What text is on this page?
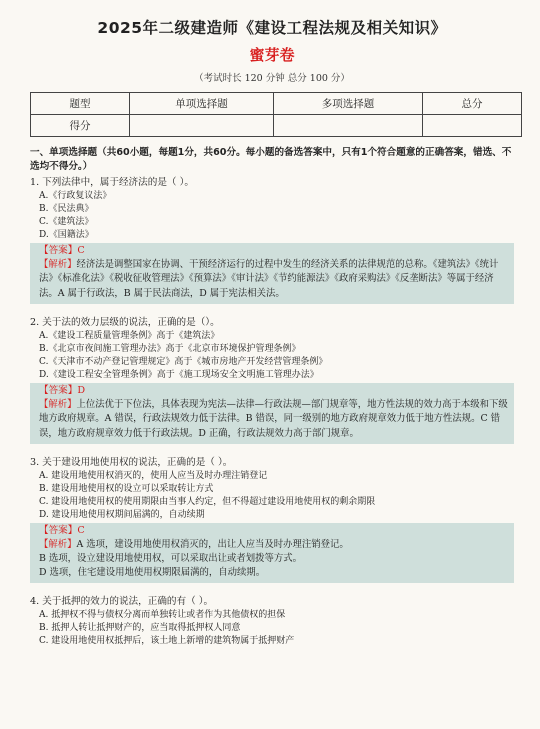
2025年二级建造师《建设工程法规及相关知识》
蜜芽卷
（考试时长 120 分钟 总分 100 分）
题型	单项选择题	多项选择题	总分
得分			
一、单项选择题（共60小题，每题1分，共60分。每小题的备选答案中，只有1个符合题意的正确答案，错选、不选均不得分。）
1. 下列法律中，属于经济法的是（ ）。
A.《行政复议法》
B.《民法典》
C.《建筑法》
D.《国籍法》
【答案】C
【解析】经济法是调整国家在协调、干预经济运行的过程中发生的经济关系的法律规范的总称。《建筑法》《统计法》《标准化法》《税收征收管理法》《预算法》《审计法》《节约能源法》《政府采购法》《反垄断法》等属于经济法。A 属于行政法，B 属于民法商法，D 属于宪法相关法。
2. 关于法的效力层级的说法，正确的是（）。
A.《建设工程质量管理条例》高于《建筑法》
B.《北京市夜间施工管理办法》高于《北京市环境保护管理条例》
C.《天津市不动产登记管理规定》高于《城市房地产开发经营管理条例》
D.《建设工程安全管理条例》高于《施工现场安全文明施工管理办法》
【答案】D
【解析】上位法优于下位法，具体表现为宪法—法律—行政法规—部门规章等，地方性法规的效力高于本级和下级地方政府规章。A 错误，行政法规效力低于法律。B 错误，同一级别的地方政府规章效力低于地方性法规。C 错误，地方政府规章效力低于行政法规。D 正确，行政法规效力高于部门规章。
3. 关于建设用地使用权的说法，正确的是（ ）。
A. 建设用地使用权消灭的，使用人应当及时办理注销登记
B. 建设用地使用权的设立可以采取转让方式
C. 建设用地使用权的使用期限由当事人约定，但不得超过建设用地使用权的剩余期限
D. 建设用地使用权期间届满的，自动续期
【答案】C
【解析】A 选项，建设用地使用权消灭的，出让人应当及时办理注销登记。
B 选项，设立建设用地使用权，可以采取出让或者划拨等方式。
D 选项，住宅建设用地使用权期限届满的，自动续期。
4. 关于抵押的效力的说法，正确的有（ ）。
A. 抵押权不得与债权分离而单独转让或者作为其他债权的担保
B. 抵押人转让抵押财产的，应当取得抵押权人同意
C. 建设用地使用权抵押后，该土地上新增的建筑物属于抵押财产
